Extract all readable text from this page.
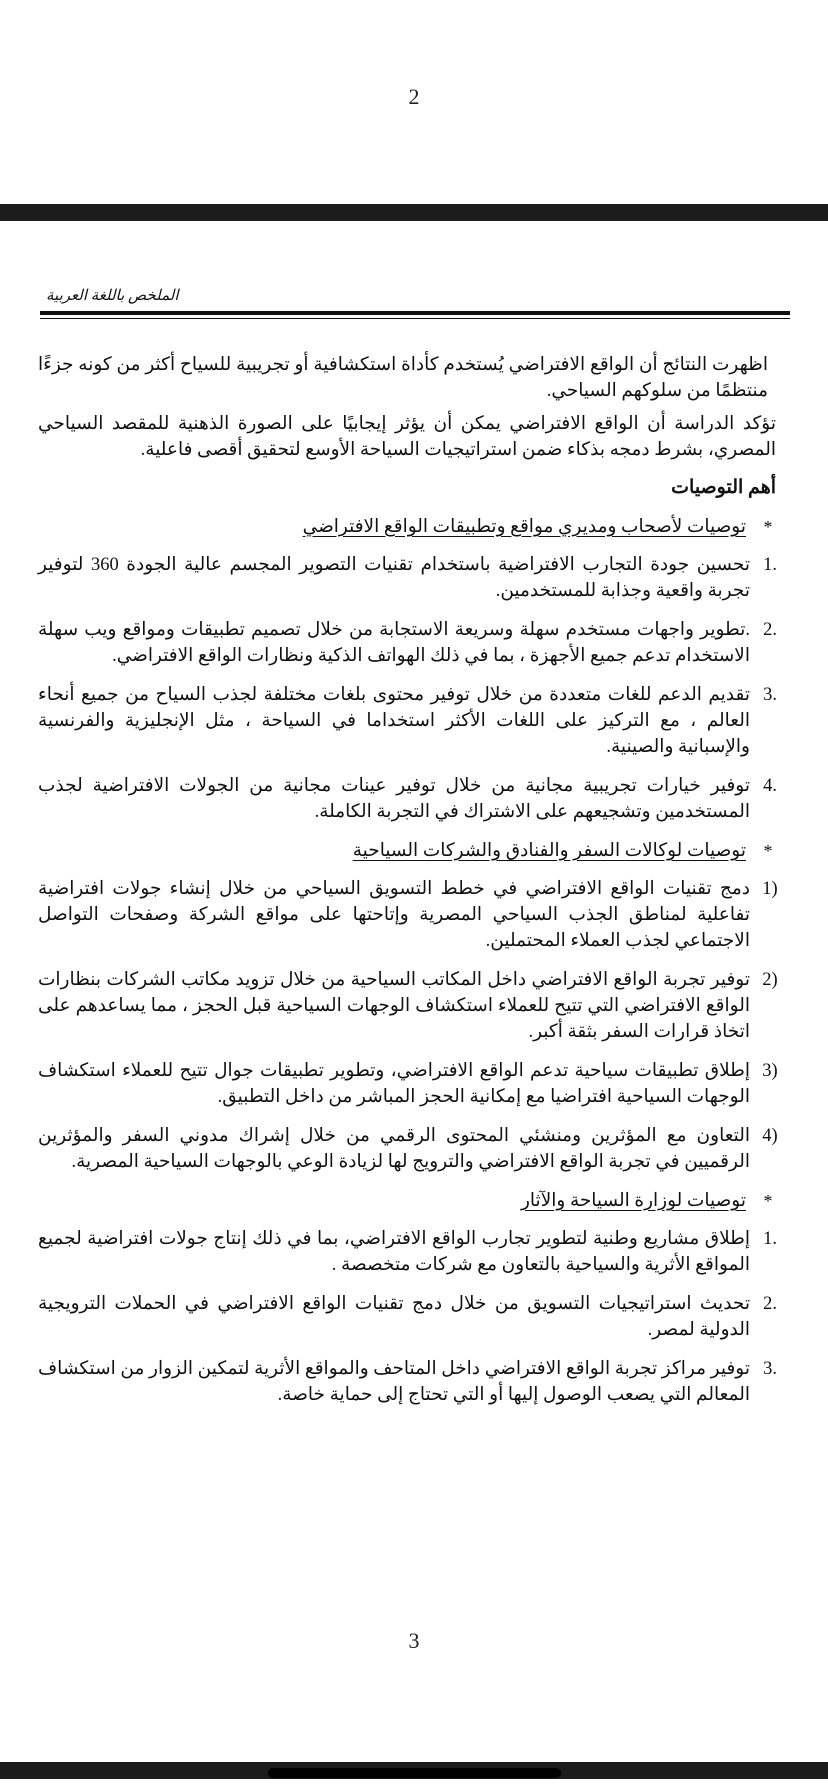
2
الملخص باللغة العربية

اظهرت النتائج أن الواقع الافتراضي يُستخدم كأداة استكشافية أو تجريبية للسياح أكثر من كونه جزءًا منتظمًا من سلوكهم السياحي.

تؤكد الدراسة أن الواقع الافتراضي يمكن أن يؤثر إيجابيًا على الصورة الذهنية للمقصد السياحي المصري، بشرط دمجه بذكاء ضمن استراتيجيات السياحة الأوسع لتحقيق أقصى فاعلية.

أهم التوصيات

*
توصيات لأصحاب ومديري مواقع وتطبيقات الواقع الافتراضي

1.
تحسين جودة التجارب الافتراضية باستخدام تقنيات التصوير المجسم عالية الجودة 360 لتوفير تجربة واقعية وجذابة للمستخدمين.
2.
.تطوير واجهات مستخدم سهلة وسريعة الاستجابة من خلال تصميم تطبيقات ومواقع ويب سهلة الاستخدام تدعم جميع الأجهزة ، بما في ذلك الهواتف الذكية ونظارات الواقع الافتراضي.
3.
تقديم الدعم للغات متعددة من خلال توفير محتوى بلغات مختلفة لجذب السياح من جميع أنحاء العالم ، مع التركيز على اللغات الأكثر استخداما في السياحة ، مثل الإنجليزية والفرنسية والإسبانية والصينية.
4.
توفير خيارات تجريبية مجانية من خلال توفير عينات مجانية من الجولات الافتراضية لجذب المستخدمين وتشجيعهم على الاشتراك في التجربة الكاملة.

*
توصيات لوكالات السفر والفنادق والشركات السياحية

1)
دمج تقنيات الواقع الافتراضي في خطط التسويق السياحي من خلال إنشاء جولات افتراضية تفاعلية لمناطق الجذب السياحي المصرية وإتاحتها على مواقع الشركة وصفحات التواصل الاجتماعي لجذب العملاء المحتملين.
2)
توفير تجربة الواقع الافتراضي داخل المكاتب السياحية من خلال تزويد مكاتب الشركات بنظارات الواقع الافتراضي التي تتيح للعملاء استكشاف الوجهات السياحية قبل الحجز ، مما يساعدهم على اتخاذ قرارات السفر بثقة أكبر.
3)
إطلاق تطبيقات سياحية تدعم الواقع الافتراضي، وتطوير تطبيقات جوال تتيح للعملاء استكشاف الوجهات السياحية افتراضيا مع إمكانية الحجز المباشر من داخل التطبيق.
4)
التعاون مع المؤثرين ومنشئي المحتوى الرقمي من خلال إشراك مدوني السفر والمؤثرين الرقميين في تجربة الواقع الافتراضي والترويج لها لزيادة الوعي بالوجهات السياحية المصرية.

*
توصيات لوزارة السياحة والآثار

1.
إطلاق مشاريع وطنية لتطوير تجارب الواقع الافتراضي، بما في ذلك إنتاج جولات افتراضية لجميع المواقع الأثرية والسياحية بالتعاون مع شركات متخصصة .
2.
تحديث استراتيجيات التسويق من خلال دمج تقنيات الواقع الافتراضي في الحملات الترويجية الدولية لمصر.
3.
توفير مراكز تجربة الواقع الافتراضي داخل المتاحف والمواقع الأثرية لتمكين الزوار من استكشاف المعالم التي يصعب الوصول إليها أو التي تحتاج إلى حماية خاصة.
3
